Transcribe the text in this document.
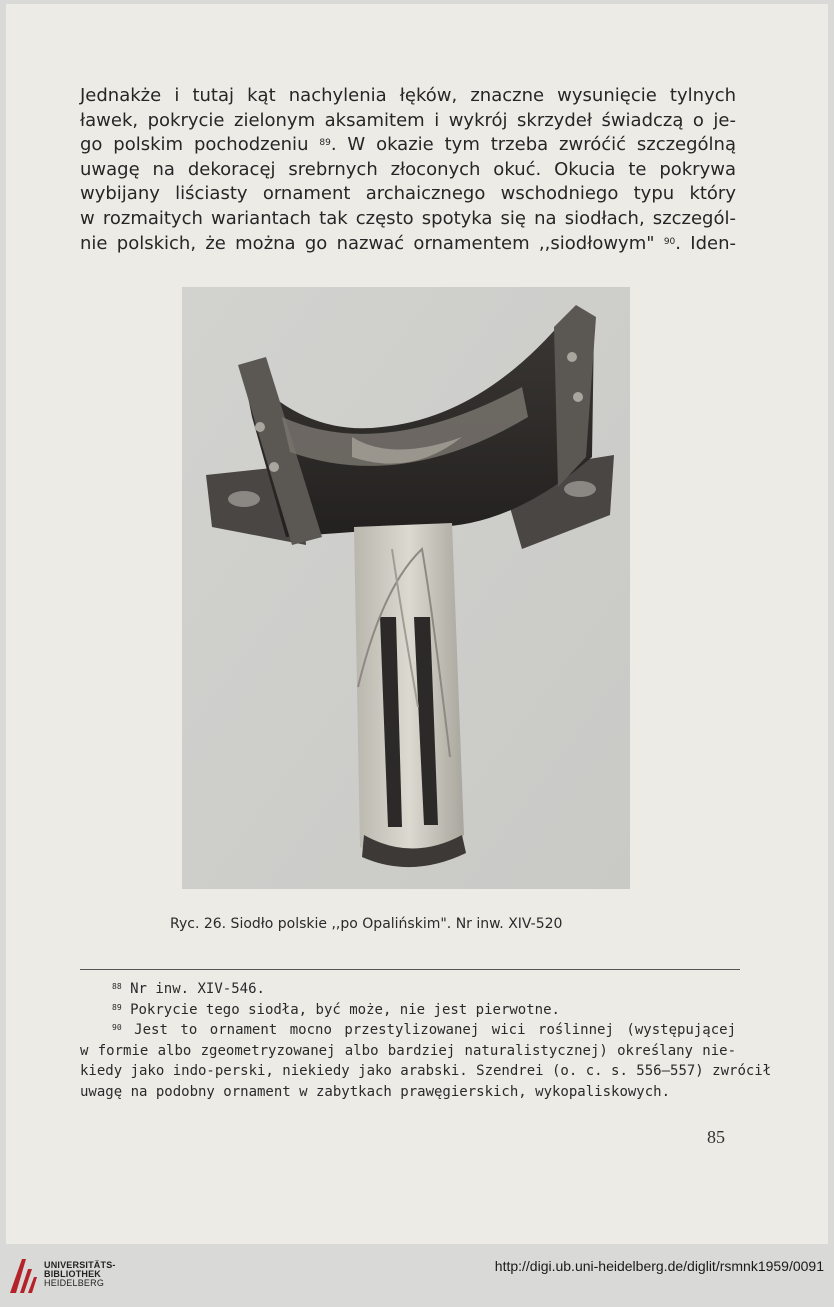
Jednakże i tutaj kąt nachylenia łęków, znaczne wysunięcie tylnych
ławek, pokrycie zielonym aksamitem i wykrój skrzydeł świadczą o je-
go polskim pochodzeniu $^{89}$. W okazie tym trzeba zwróćić szczególną
uwagę na dekoracęj srebrnych złoconych okuć. Okucia te pokrywa
wybijany liściasty ornament archaicznego wschodniego typu który
w rozmaitych wariantach tak często spotyka się na siodłach, szczegól-
nie polskich, że można go nazwać ornamentem ,,siodłowym" $^{90}$. Iden-

Ryc. 26. Siodło polskie ,,po Opalińskim". Nr inw. XIV-520

$^{88}$ Nr inw. XIV-546.
$^{89}$ Pokrycie tego siodła, być może, nie jest pierwotne.
$^{90}$ Jest to ornament mocno przestylizowanej wici roślinnej (występującej
w formie albo zgeometryzowanej albo bardziej naturalistycznej) określany nie-
kiedy jako indo-perski, niekiedy jako arabski. Szendrei (o. c. s. 556—557) zwrócił
uwagę na podobny ornament w zabytkach prawęgierskich, wykopaliskowych.
85
UNIVERSITÄTS-
BIBLIOTHEK
HEIDELBERG
http://digi.ub.uni-heidelberg.de/diglit/rsmnk1959/0091
